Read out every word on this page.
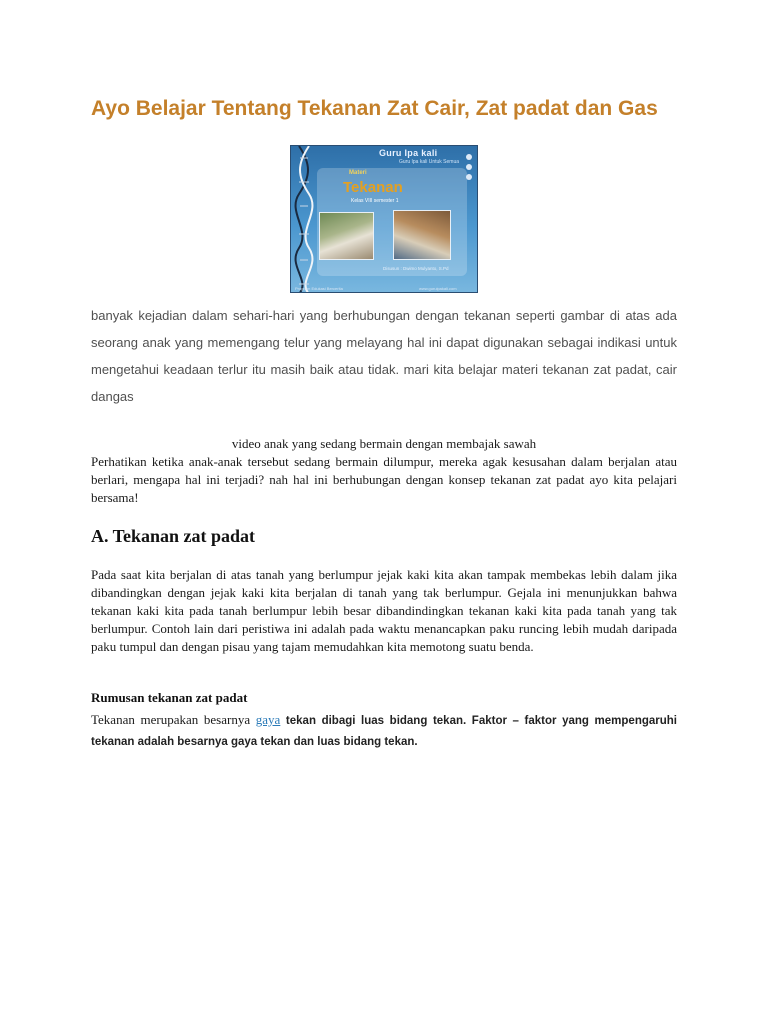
Ayo Belajar Tentang Tekanan Zat Cair, Zat padat dan Gas
Guru Ipa kali
Guru Ipa kali Untuk Semua
Materi
Tekanan
Kelas VIII semester 1
Disusun : Dwimo Mulyanto, S.Pd
Program Edukasi Bercerita	www.guruipakali.com

banyak kejadian dalam sehari-hari yang berhubungan dengan tekanan seperti gambar di atas ada seorang anak yang memengang telur yang melayang hal ini dapat digunakan sebagai indikasi untuk mengetahui keadaan terlur itu masih baik atau tidak. mari kita belajar materi tekanan zat padat, cair dangas

video anak yang sedang bermain dengan membajak sawah

Perhatikan ketika anak-anak tersebut sedang bermain dilumpur, mereka agak kesusahan dalam berjalan atau berlari, mengapa hal ini terjadi? nah hal ini berhubungan dengan konsep tekanan zat padat ayo kita pelajari bersama!

A. Tekanan zat padat

Pada saat kita berjalan di atas tanah yang berlumpur jejak kaki kita akan tampak membekas lebih dalam jika dibandingkan dengan jejak kaki kita berjalan di tanah yang tak berlumpur. Gejala ini menunjukkan bahwa tekanan kaki kita pada tanah berlumpur lebih besar dibandindingkan tekanan kaki kita pada tanah yang tak berlumpur. Contoh lain dari peristiwa ini adalah pada waktu menancapkan paku runcing lebih mudah daripada paku tumpul dan dengan pisau yang tajam memudahkan kita memotong suatu benda.

Rumusan tekanan zat padat

Tekanan merupakan besarnya gaya tekan dibagi luas bidang tekan. Faktor – faktor yang mempengaruhi tekanan adalah besarnya gaya tekan dan luas bidang tekan.
